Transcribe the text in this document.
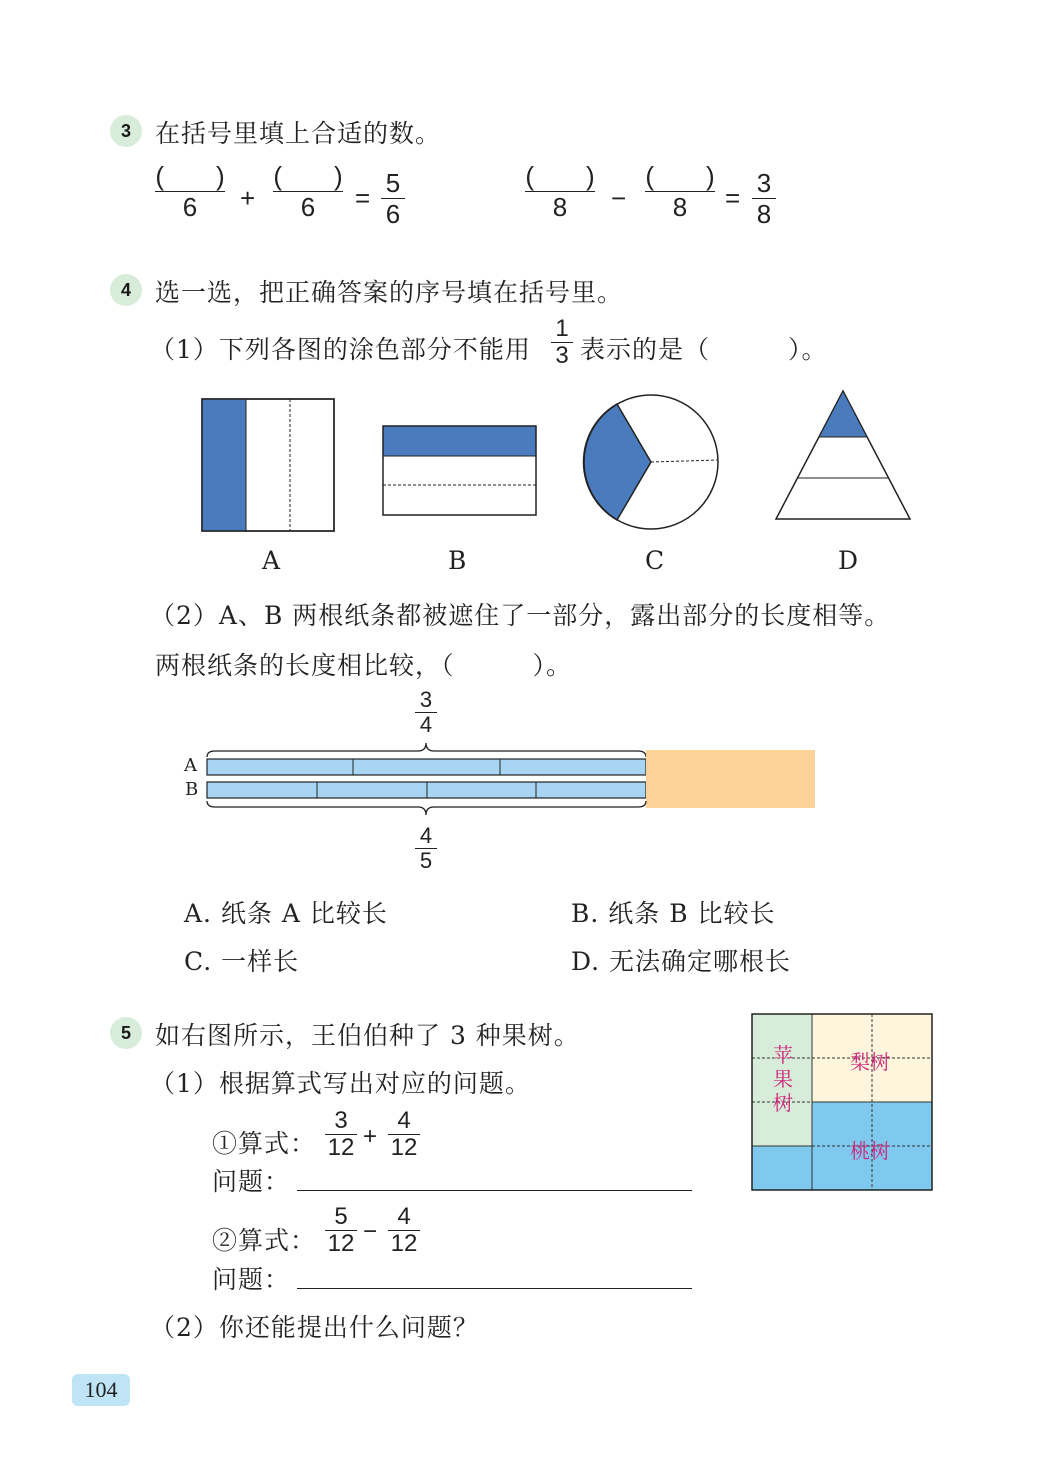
3 在括号里填上合适的数。
(　　)
6	+
(　　)
6	= 5
6
(　　)
8	−
(　　)
8	= 3
8
4 选一选，把正确答案的序号填在括号里。
（1）下列各图的涂色部分不能用
1
3 表示的是（　　　）。
A	B	C	D
（2）A、B 两根纸条都被遮住了一部分，露出部分的长度相等。
两根纸条的长度相比较，（　　　）。
3
4
A
B
4
5
A. 纸条 A 比较长	B. 纸条 B 比较长
C. 一样长	D. 无法确定哪根长
5 如右图所示，王伯伯种了 3 种果树。
（1）根据算式写出对应的问题。
①算式：
3
12 +
4
12
问题：
②算式：
5
12 −
4
12
问题：
（2）你还能提出什么问题？
苹
果
树
梨树
桃树
104
